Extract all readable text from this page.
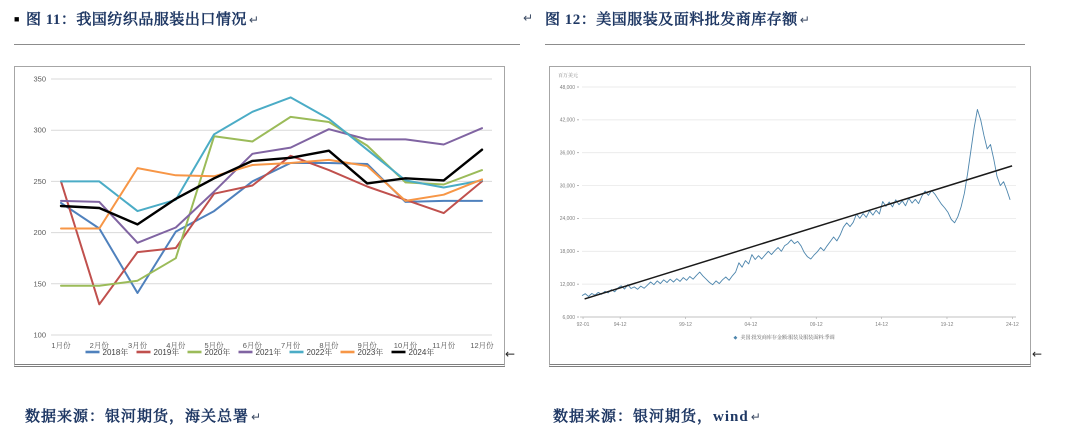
■ 图 11：我国纺织品服装出口情况 ↵	↵
100
150
200
250
300
350
1月份	2月份	3月份	4月份	5月份	6月份	7月份	8月份	9月份 10月份 11月份 12月份
2018年	2019年	2020年	2021年	2022年	2023年	2024年	←
数据来源：银河期货，海关总署 ↵
图 12：美国服装及面料批发商库存额 ↵
百万美元
48,000
42,000
36,000
30,000
24,000
18,000
12,000
6,000
92-01	94-12	99-12	04-12	09-12	14-12	19-12	24-12
◆ 美国:批发商库存金额:服装及服装面料:季调
←
数据来源：银河期货，wind ↵
